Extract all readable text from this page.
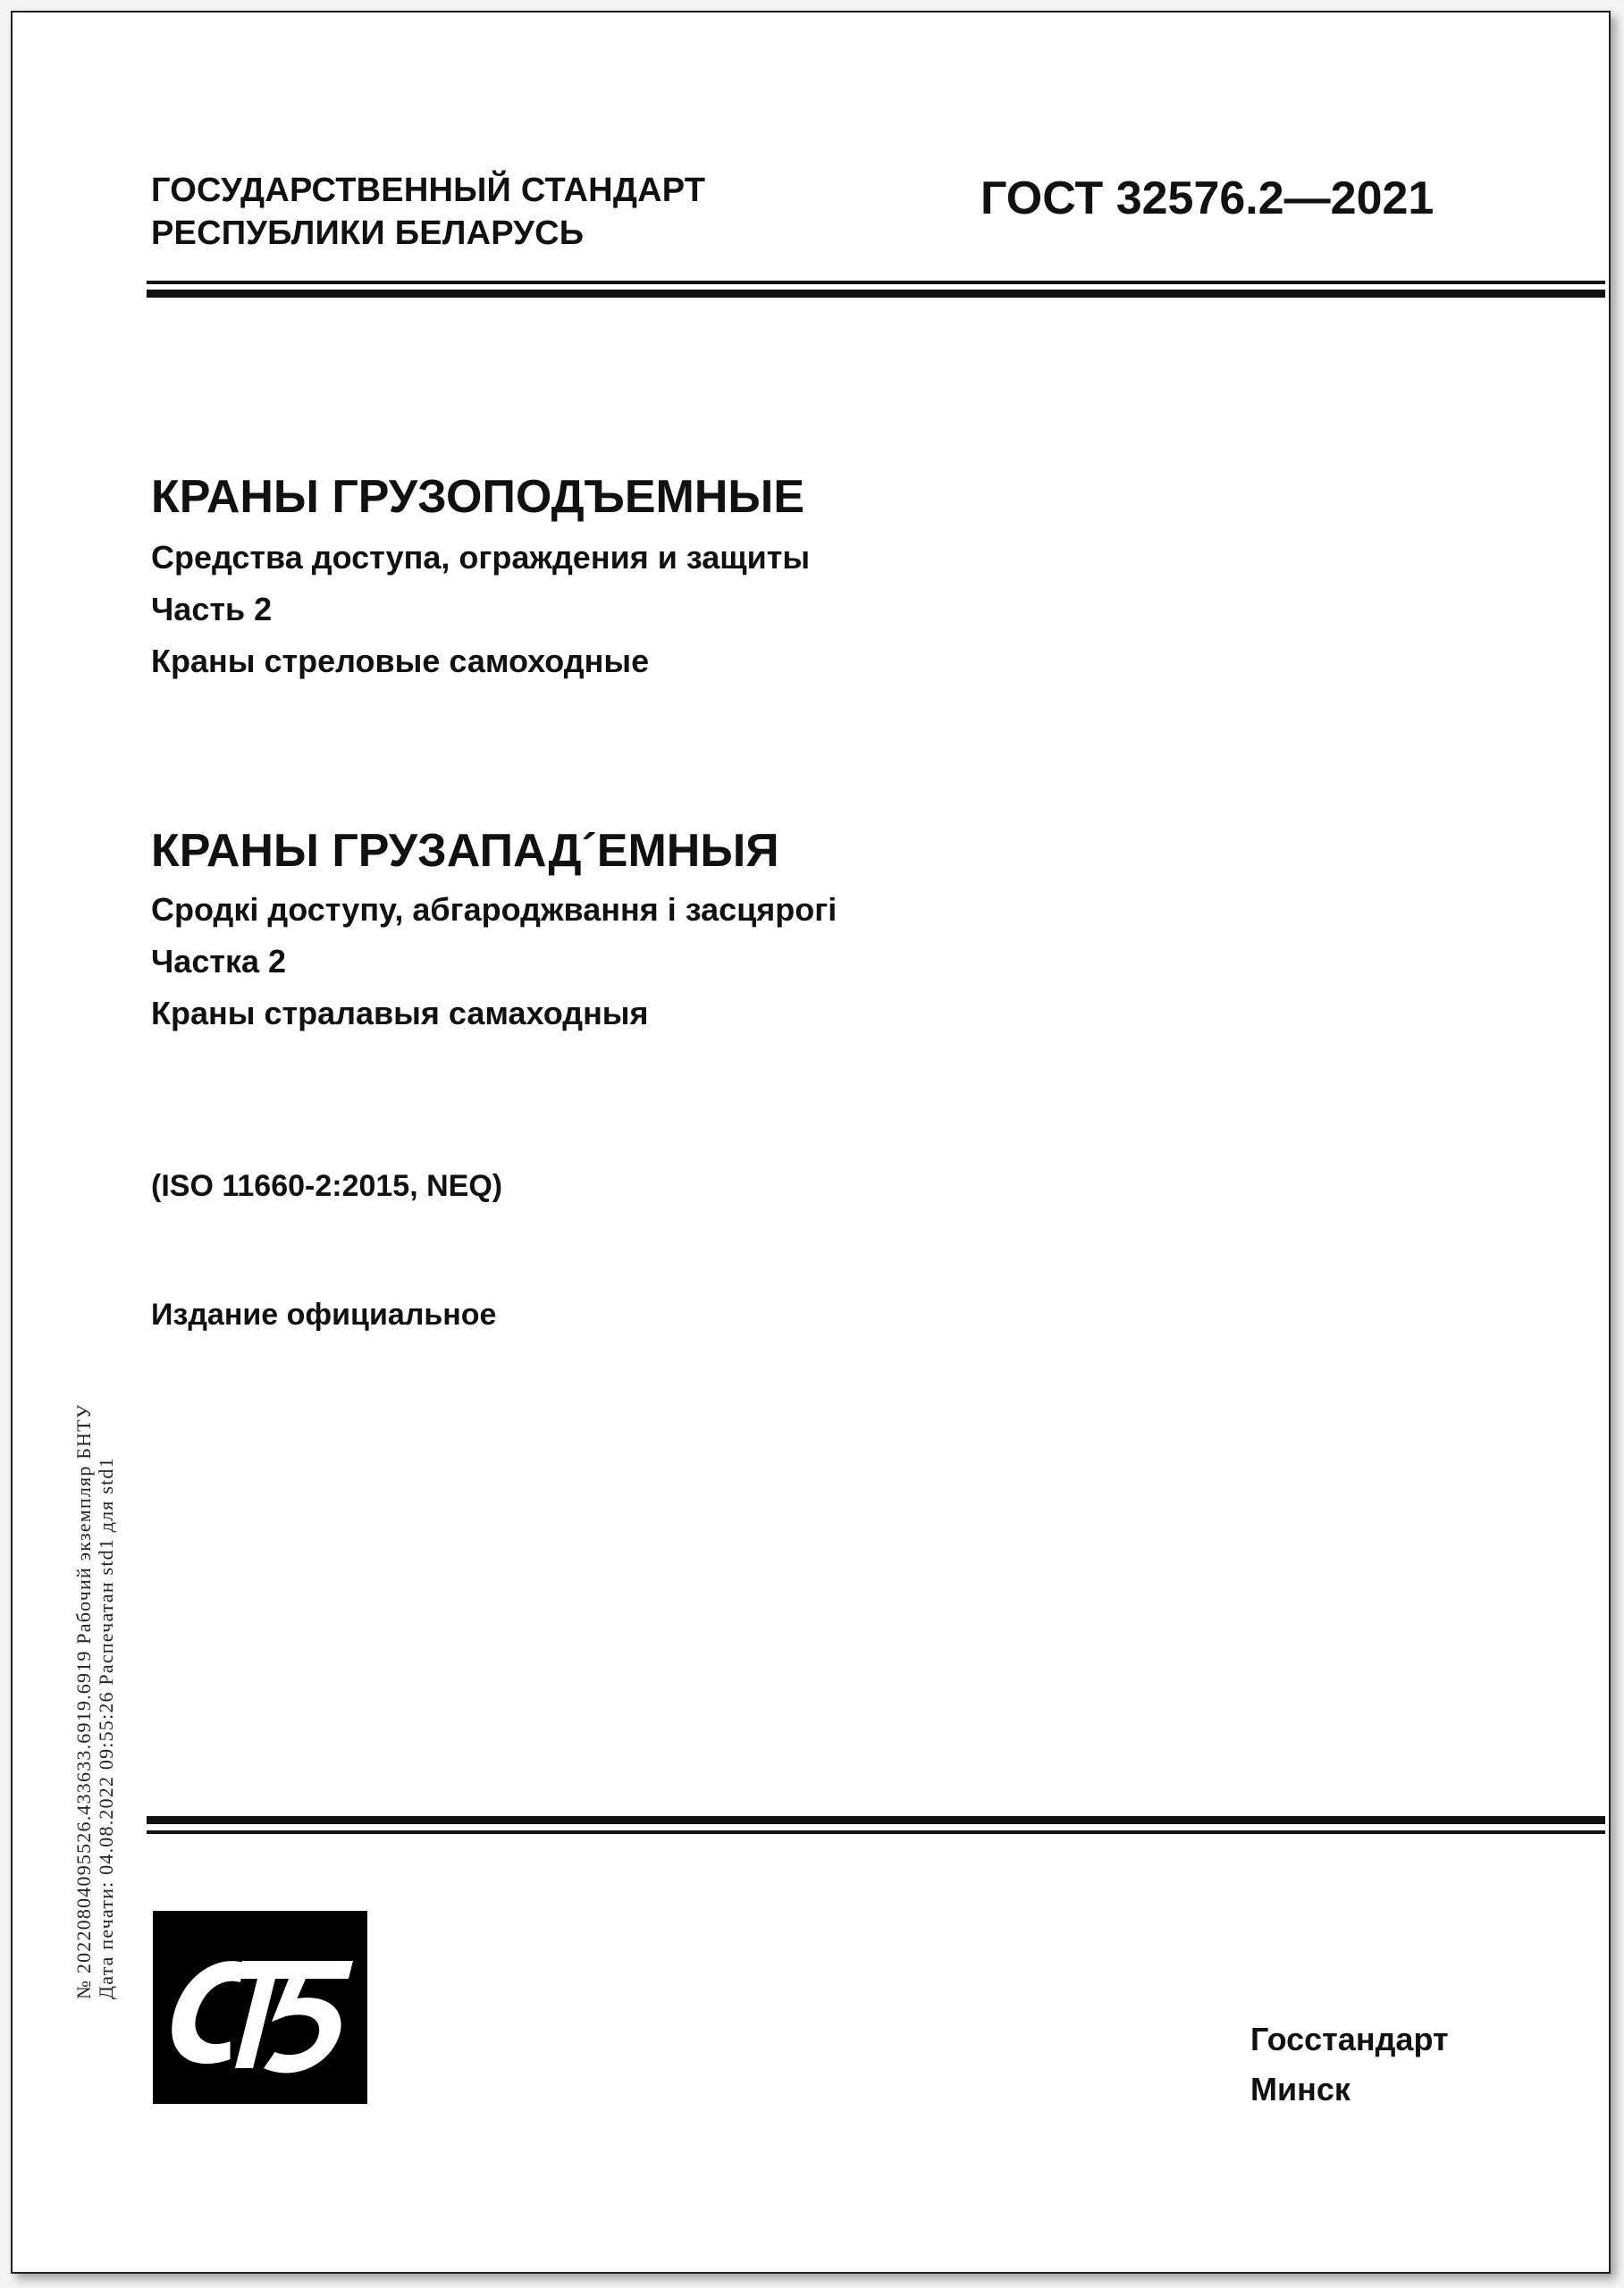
ГОСУДАРСТВЕННЫЙ СТАНДАРТ
РЕСПУБЛИКИ БЕЛАРУСЬ
ГОСТ 32576.2—2021
КРАНЫ ГРУЗОПОДЪЕМНЫЕ
Средства доступа, ограждения и защиты
Часть 2
Краны стреловые самоходные
КРАНЫ ГРУЗАПАД´ЕМНЫЯ
Сродкі доступу, абгароджвання і засцярогі
Частка 2
Краны стралавыя самаходныя
(ISO 11660-2:2015, NEQ)
Издание официальное
№ 20220804095526.433633.6919.6919 Рабочий экземпляр БНТУ Дата печати: 04.08.2022 09:55:26 Распечатан std1 для std1
Госстандарт
Минск
